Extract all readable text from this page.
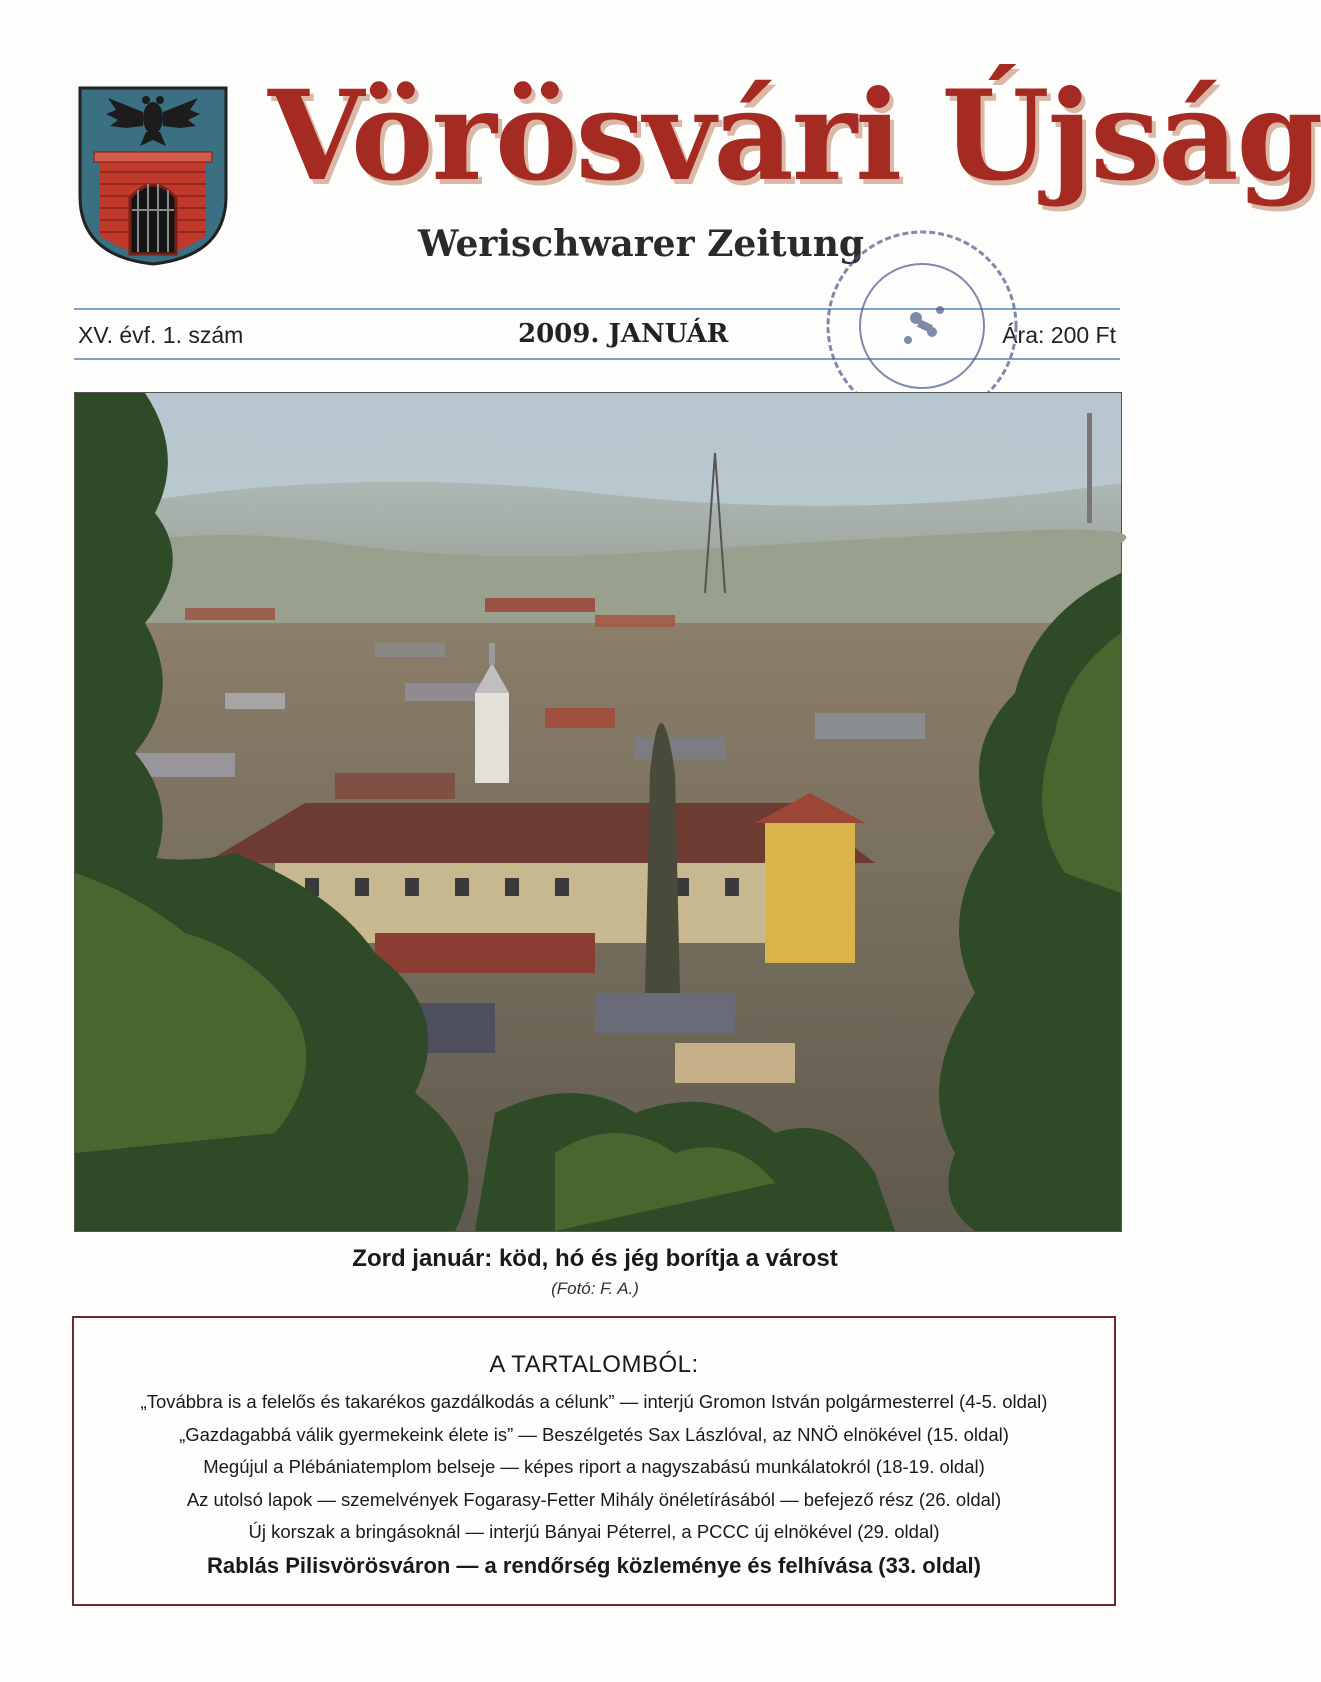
Vörösvári Újság
Werischwarer Zeitung
XV. évf. 1. szám	2009. JANUÁR	Ára: 200 Ft
Zord január: köd, hó és jég borítja a várost
(Fotó: F. A.)
A TARTALOMBÓL:
„Továbbra is a felelős és takarékos gazdálkodás a célunk” — interjú Gromon István polgármesterrel (4-5. oldal)
„Gazdagabbá válik gyermekeink élete is” — Beszélgetés Sax Lászlóval, az NNÖ elnökével (15. oldal)
Megújul a Plébániatemplom belseje — képes riport a nagyszabású munkálatokról (18-19. oldal)
Az utolsó lapok — szemelvények Fogarasy-Fetter Mihály önéletírásából — befejező rész (26. oldal)
Új korszak a bringásoknál — interjú Bányai Péterrel, a PCCC új elnökével (29. oldal)
Rablás Pilisvörösváron — a rendőrség közleménye és felhívása (33. oldal)
